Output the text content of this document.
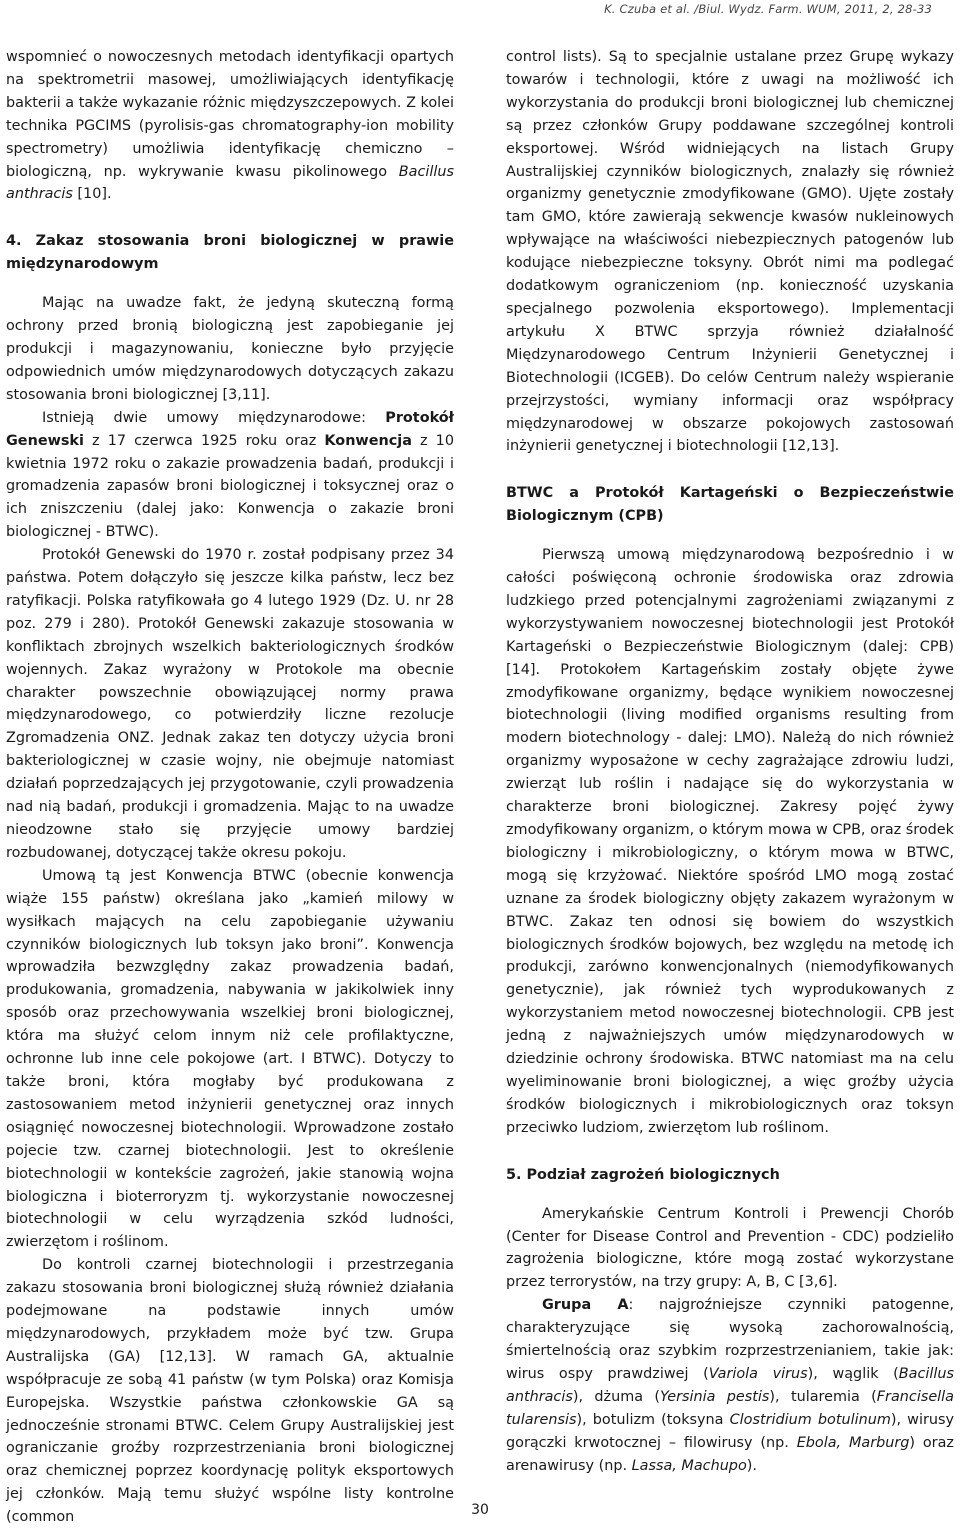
K. Czuba et al. /Biul. Wydz. Farm. WUM, 2011, 2, 28-33

wspomnieć o nowoczesnych metodach identyfikacji opartych na spektrometrii masowej, umożliwiających identyfikację bakterii a także wykazanie różnic międzyszczepowych. Z kolei technika PGCIMS (pyrolisis-gas chromatography-ion mobility spectrometry) umożliwia identyfikację chemiczno – biologiczną, np. wykrywanie kwasu pikolinowego Bacillus anthracis [10].

4. Zakaz stosowania broni biologicznej w prawie międzynarodowym

Mając na uwadze fakt, że jedyną skuteczną formą ochrony przed bronią biologiczną jest zapobieganie jej produkcji i magazynowaniu, konieczne było przyjęcie odpowiednich umów międzynarodowych dotyczących zakazu stosowania broni biologicznej [3,11].

Istnieją dwie umowy międzynarodowe: Protokół Genewski z 17 czerwca 1925 roku oraz Konwencja z 10 kwietnia 1972 roku o zakazie prowadzenia badań, produkcji i gromadzenia zapasów broni biologicznej i toksycznej oraz o ich zniszczeniu (dalej jako: Konwencja o zakazie broni biologicznej - BTWC).

Protokół Genewski do 1970 r. został podpisany przez 34 państwa. Potem dołączyło się jeszcze kilka państw, lecz bez ratyfikacji. Polska ratyfikowała go 4 lutego 1929 (Dz. U. nr 28 poz. 279 i 280). Protokół Genewski zakazuje stosowania w konfliktach zbrojnych wszelkich bakteriologicznych środków wojennych. Zakaz wyrażony w Protokole ma obecnie charakter powszechnie obowiązującej normy prawa międzynarodowego, co potwierdziły liczne rezolucje Zgromadzenia ONZ. Jednak zakaz ten dotyczy użycia broni bakteriologicznej w czasie wojny, nie obejmuje natomiast działań poprzedzających jej przygotowanie, czyli prowadzenia nad nią badań, produkcji i gromadzenia. Mając to na uwadze nieodzowne stało się przyjęcie umowy bardziej rozbudowanej, dotyczącej także okresu pokoju.

Umową tą jest Konwencja BTWC (obecnie konwencja wiąże 155 państw) określana jako „kamień milowy w wysiłkach mających na celu zapobieganie używaniu czynników biologicznych lub toksyn jako broni”. Konwencja wprowadziła bezwzględny zakaz prowadzenia badań, produkowania, gromadzenia, nabywania w jakikolwiek inny sposób oraz przechowywania wszelkiej broni biologicznej, która ma służyć celom innym niż cele profilaktyczne, ochronne lub inne cele pokojowe (art. I BTWC). Dotyczy to także broni, która mogłaby być produkowana z zastosowaniem metod inżynierii genetycznej oraz innych osiągnięć nowoczesnej biotechnologii. Wprowadzone zostało pojecie tzw. czarnej biotechnologii. Jest to określenie biotechnologii w kontekście zagrożeń, jakie stanowią wojna biologiczna i bioterroryzm tj. wykorzystanie nowoczesnej biotechnologii w celu wyrządzenia szkód ludności, zwierzętom i roślinom.

Do kontroli czarnej biotechnologii i przestrzegania zakazu stosowania broni biologicznej służą również działania podejmowane na podstawie innych umów międzynarodowych, przykładem może być tzw. Grupa Australijska (GA) [12,13]. W ramach GA, aktualnie współpracuje ze sobą 41 państw (w tym Polska) oraz Komisja Europejska. Wszystkie państwa członkowskie GA są jednocześnie stronami BTWC. Celem Grupy Australijskiej jest ograniczanie groźby rozprzestrzeniania broni biologicznej oraz chemicznej poprzez koordynację polityk eksportowych jej członków. Mają temu służyć wspólne listy kontrolne (common

control lists). Są to specjalnie ustalane przez Grupę wykazy towarów i technologii, które z uwagi na możliwość ich wykorzystania do produkcji broni biologicznej lub chemicznej są przez członków Grupy poddawane szczególnej kontroli eksportowej. Wśród widniejących na listach Grupy Australijskiej czynników biologicznych, znalazły się również organizmy genetycznie zmodyfikowane (GMO). Ujęte zostały tam GMO, które zawierają sekwencje kwasów nukleinowych wpływające na właściwości niebezpiecznych patogenów lub kodujące niebezpieczne toksyny. Obrót nimi ma podlegać dodatkowym ograniczeniom (np. konieczność uzyskania specjalnego pozwolenia eksportowego). Implementacji artykułu X BTWC sprzyja również działalność Międzynarodowego Centrum Inżynierii Genetycznej i Biotechnologii (ICGEB). Do celów Centrum należy wspieranie przejrzystości, wymiany informacji oraz współpracy międzynarodowej w obszarze pokojowych zastosowań inżynierii genetycznej i biotechnologii [12,13].

BTWC a Protokół Kartageński o Bezpieczeństwie Biologicznym (CPB)

Pierwszą umową międzynarodową bezpośrednio i w całości poświęconą ochronie środowiska oraz zdrowia ludzkiego przed potencjalnymi zagrożeniami związanymi z wykorzystywaniem nowoczesnej biotechnologii jest Protokół Kartageński o Bezpieczeństwie Biologicznym (dalej: CPB) [14]. Protokołem Kartageńskim zostały objęte żywe zmodyfikowane organizmy, będące wynikiem nowoczesnej biotechnologii (living modified organisms resulting from modern biotechnology - dalej: LMO). Należą do nich również organizmy wyposażone w cechy zagrażające zdrowiu ludzi, zwierząt lub roślin i nadające się do wykorzystania w charakterze broni biologicznej. Zakresy pojęć żywy zmodyfikowany organizm, o którym mowa w CPB, oraz środek biologiczny i mikrobiologiczny, o którym mowa w BTWC, mogą się krzyżować. Niektóre spośród LMO mogą zostać uznane za środek biologiczny objęty zakazem wyrażonym w BTWC. Zakaz ten odnosi się bowiem do wszystkich biologicznych środków bojowych, bez względu na metodę ich produkcji, zarówno konwencjonalnych (niemodyfikowanych genetycznie), jak również tych wyprodukowanych z wykorzystaniem metod nowoczesnej biotechnologii. CPB jest jedną z najważniejszych umów międzynarodowych w dziedzinie ochrony środowiska. BTWC natomiast ma na celu wyeliminowanie broni biologicznej, a więc groźby użycia środków biologicznych i mikrobiologicznych oraz toksyn przeciwko ludziom, zwierzętom lub roślinom.

5. Podział zagrożeń biologicznych

Amerykańskie Centrum Kontroli i Prewencji Chorób (Center for Disease Control and Prevention - CDC) podzieliło zagrożenia biologiczne, które mogą zostać wykorzystane przez terrorystów, na trzy grupy: A, B, C [3,6].

Grupa A: najgroźniejsze czynniki patogenne, charakteryzujące się wysoką zachorowalnością, śmiertelnością oraz szybkim rozprzestrzenianiem, takie jak: wirus ospy prawdziwej (Variola virus), wąglik (Bacillus anthracis), dżuma (Yersinia pestis), tularemia (Francisella tularensis), botulizm (toksyna Clostridium botulinum), wirusy gorączki krwotocznej – filowirusy (np. Ebola, Marburg) oraz arenawirusy (np. Lassa, Machupo).

30
